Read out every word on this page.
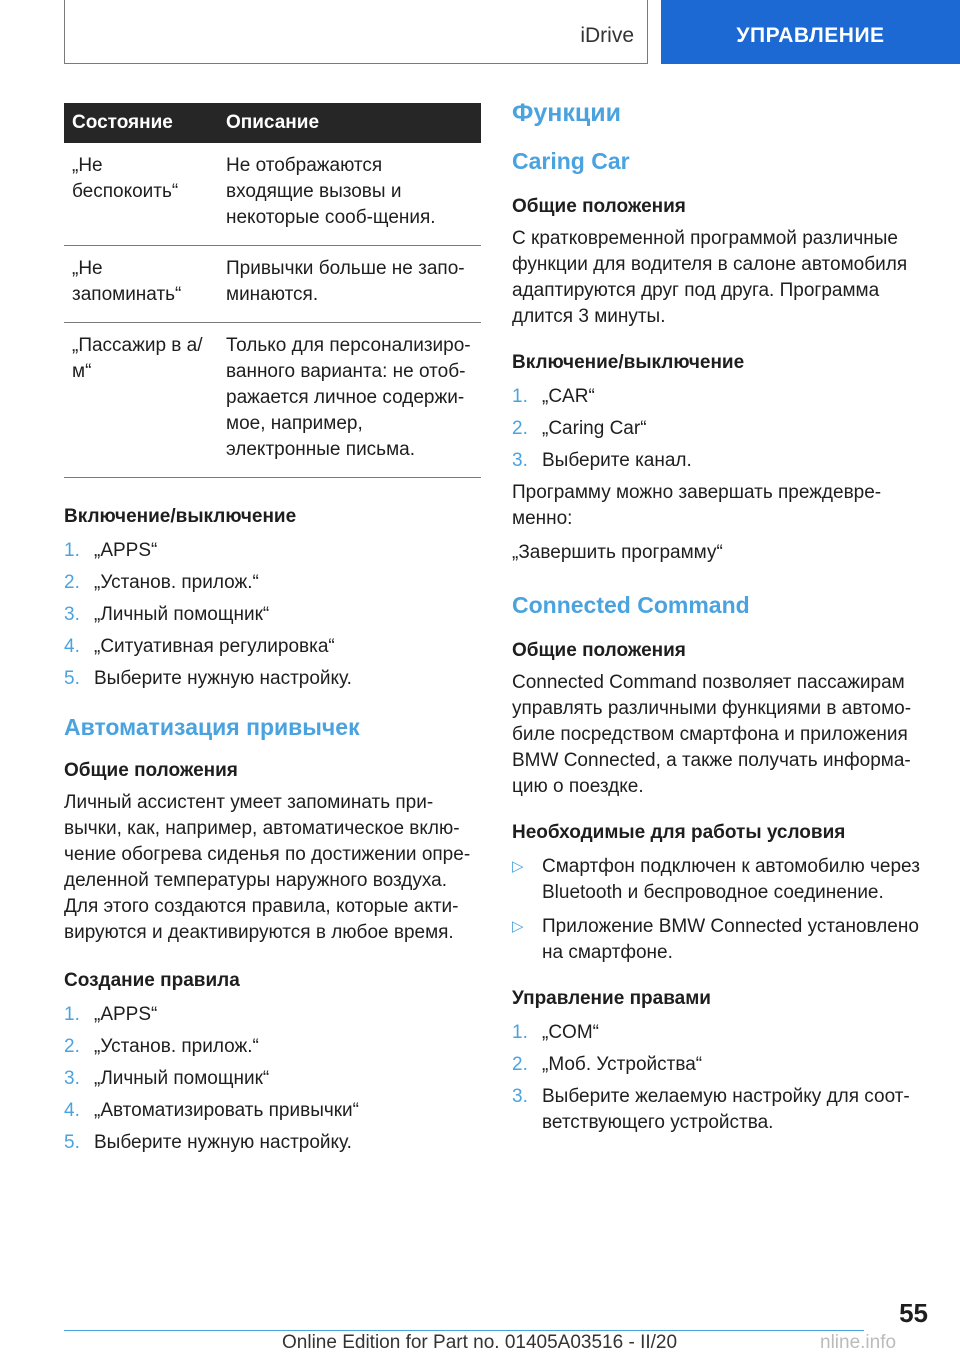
iDrive	УПРАВЛЕНИЕ
Состояние	Описание
„Не беспокоить“	Не отображаются входящие вызовы и некоторые сооб-щения.
„Не запоминать“	Привычки больше не запо-минаются.
„Пассажир в а/м“	Только для персонализиро-ванного варианта: не отоб-ражается личное содержи-мое, например, электронные письма.
Включение/выключение
1. „APPS“
2. „Установ. прилож.“
3. „Личный помощник“
4. „Ситуативная регулировка“
5. Выберите нужную настройку.
Автоматизация привычек
Общие положения

Личный ассистент умеет запоминать при-вычки, как, например, автоматическое вклю-чение обогрева сиденья по достижении опре-деленной температуры наружного воздуха. Для этого создаются правила, которые акти-вируются и деактивируются в любое время.

Создание правила
1. „APPS“
2. „Установ. прилож.“
3. „Личный помощник“
4. „Автоматизировать привычки“
5. Выберите нужную настройку.
Функции
Caring Car
Общие положения

С кратковременной программой различные функции для водителя в салоне автомобиля адаптируются друг под друга. Программа длится 3 минуты.

Включение/выключение
1. „CAR“
2. „Caring Car“
3. Выберите канал.

Программу можно завершать преждевре-менно:

„Завершить программу“

Connected Command
Общие положения

Connected Command позволяет пассажирам управлять различными функциями в автомо-биле посредством смартфона и приложения BMW Connected, а также получать информа-цию о поездке.

Необходимые для работы условия
▷ Смартфон подключен к автомобилю через Bluetooth и беспроводное соединение.
▷ Приложение BMW Connected установлено на смартфоне.
Управление правами
1. „COM“
2. „Моб. Устройства“
3. Выберите желаемую настройку для соот-ветствующего устройства.
55
Online Edition for Part no. 01405A03516 - II/20	nline.info
